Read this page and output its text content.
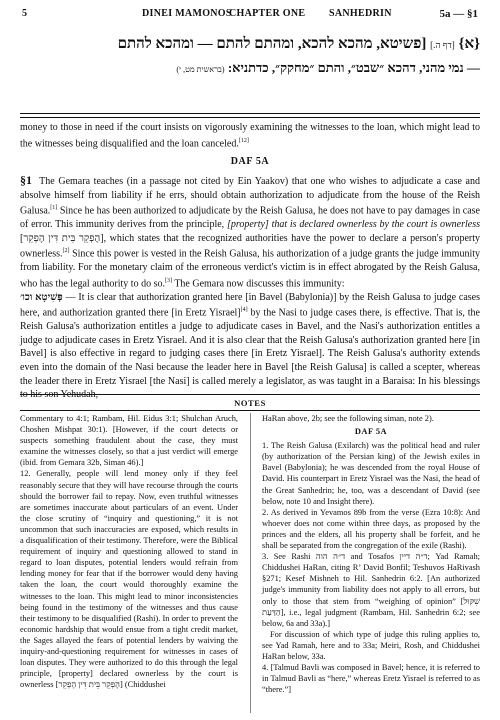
5	DINEI MAMONOS
CHAPTER ONE SANHEDRIN	5a — §1
{א} [דף ה.] [פשיטא, מהכא להכא, ומהתם להתם — ומהכא להתם
— נמי מהני, דהכא ״שבט״, והתם ״מחקק״, כדתניא: (בראשית מט, י)
money to those in need if the court insists on vigorously examining the witnesses to the loan, which might lead to the witnesses being disqualified and the loan canceled.[12]
DAF 5A

§1 The Gemara teaches (in a passage not cited by Ein Yaakov) that one who wishes to adjudicate a case and absolve himself from liability if he errs, should obtain authorization to adjudicate from the house of the Reish Galusa.[1] Since he has been authorized to adjudicate by the Reish Galusa, he does not have to pay damages in case of error. This immunity derives from the principle, [property] that is declared ownerless by the court is ownerless [הֶפְקֵר בֵּית דִּין הֶפְקֵר], which states that the recognized authorities have the power to declare a person's property ownerless.[2] Since this power is vested in the Reish Galusa, his authorization of a judge grants the judge immunity from liability. For the monetary claim of the erroneous verdict's victim is in effect abrogated by the Reish Galusa, who has the legal authority to do so.[3] The Gemara now discusses this immunity:

פְּשִׁיטָא וכו׳ — It is clear that authorization granted here [in Bavel (Babylonia)] by the Reish Galusa to judge cases here, and authorization granted there [in Eretz Yisrael][4] by the Nasi to judge cases there, is effective. That is, the Reish Galusa's authorization entitles a judge to adjudicate cases in Bavel, and the Nasi's authorization entitles a judge to adjudicate cases in Eretz Yisrael. And it is also clear that the Reish Galusa's authorization granted here [in Bavel] is also effective in regard to judging cases there [in Eretz Yisrael]. The Reish Galusa's authority extends even into the domain of the Nasi because the leader here in Bavel [the Reish Galusa] is called a scepter, whereas the leader there in Eretz Yisrael [the Nasi] is called merely a legislator, as was taught in a Baraisa: In his blessings to his son Yehudah,

NOTES

Commentary to 4:1; Rambam, Hil. Eidus 3:1; Shulchan Aruch, Choshen Mishpat 30:1). [However, if the court detects or suspects something fraudulent about the case, they must examine the witnesses closely, so that a just verdict will emerge (ibid. from Gemara 32b, Siman 46).]

12. Generally, people will lend money only if they feel reasonably secure that they will have recourse through the courts should the borrower fail to repay. Now, even truthful witnesses are sometimes inaccurate about particulars of an event. Under the close scrutiny of “inquiry and questioning,” it is not uncommon that such inaccuracies are exposed, which results in a disqualification of their testimony. Therefore, were the Biblical requirement of inquiry and questioning allowed to stand in regard to loan disputes, potential lenders would refrain from lending money for fear that if the borrower would deny having taken the loan, the court would thoroughly examine the witnesses to the loan. This might lead to minor inconsistencies being found in the testimony of the witnesses and thus cause their testimony to be disqualified (Rashi). In order to prevent the economic hardship that would ensue from a tight credit market, the Sages allayed the fears of potential lenders by waiving the inquiry-and-questioning requirement for witnesses in cases of loan disputes. They were authorized to do this through the legal principle, [property] declared ownerless by the court is ownerless [הֶפְקֵר בֵּית דִּין הֶפְקֵר] (Chiddushei

HaRan above, 2b; see the following siman, note 2).

DAF 5A

1. The Reish Galusa (Exilarch) was the political head and ruler (by authorization of the Persian king) of the Jewish exiles in Bavel (Babylonia); he was descended from the royal House of David. His counterpart in Eretz Yisrael was the Nasi, the head of the Great Sanhedrin; he, too, was a descendant of David (see below, note 10 and Insight there).

2. As derived in Yevamos 89b from the verse (Ezra 10:8): And whoever does not come within three days, as proposed by the princes and the elders, all his property shall be forfeit, and he shall be separated from the congregation of the exile (Rashi).

3. See Rashi ד״ה הוה and Tosafos ד״ה דיין; Yad Ramah; Chiddushei HaRan, citing R’ David Bonfil; Teshuvos HaRivash §271; Kesef Mishneh to Hil. Sanhedrin 6:2. [An authorized judge's immunity from liability does not apply to all errors, but only to those that stem from “weighing of opinion” [שִׁקּוּל הַדַּעַת], i.e., legal judgment (Rambam, Hil. Sanhedrin 6:2; see below, 6a and 33a).]

For discussion of which type of judge this ruling applies to, see Yad Ramah, here and to 33a; Meiri, Rosh, and Chiddushei HaRan below, 33a.

4. [Talmud Bavli was composed in Bavel; hence, it is referred to in Talmud Bavli as “here,” whereas Eretz Yisrael is referred to as “there.”]
